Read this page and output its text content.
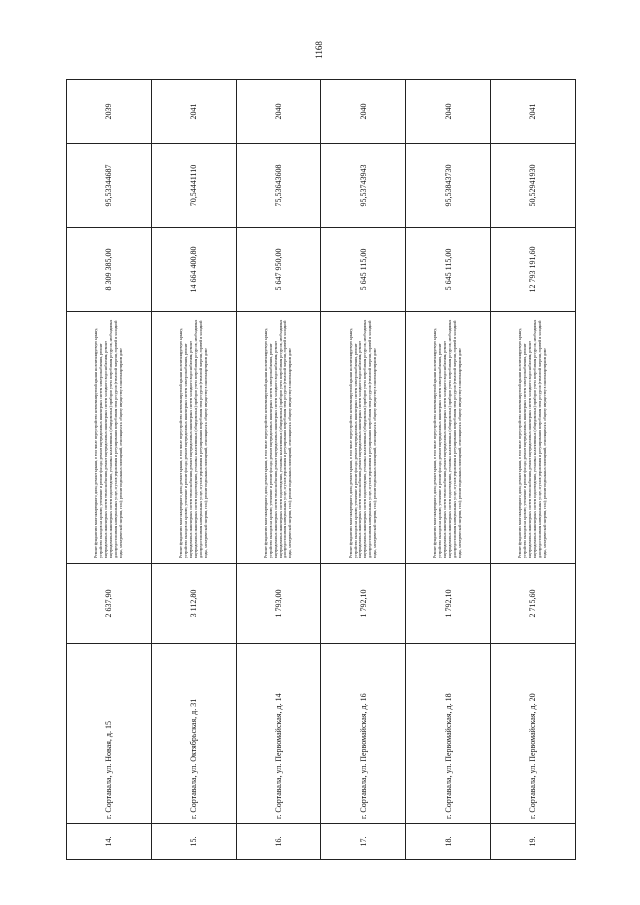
1168
14.	г. Сортавала, ул. Новая, д. 15	2 637,90	Ремонт фундамента многоквартирного дома; ремонт крыши, в том числе переустройство невентилируемой крыши на вентилируемую крышу, устройство выходов на кровлю; утепление и ремонт фасада; ремонт внутридомовых инженерных систем электроснабжения, ремонт внутридомовых инженерных систем теплоснабжения, ремонт внутридомовых инженерных систем холодного водоснабжения, ремонт внутридомовых инженерных систем водоотведения, установка коллективных (общедомовых) приборов учета потребления ресурсов, необходимых для предоставления коммунальных услуг, и узлов управления и регулирования потребления этих ресурсов (тепловой энергии, горячей и холодной воды, электрической энергии, газа); ремонт подвальных помещений, относящихся к общему имуществу в многоквартирном доме	8 309 385,00	95,53344687	2039
15.	г. Сортавала, ул. Октябрьская, д. 31	3 112,80	Ремонт фундамента многоквартирного дома; ремонт крыши, в том числе переустройство невентилируемой крыши на вентилируемую крышу, устройство выходов на кровлю; утепление и ремонт фасада; ремонт внутридомовых инженерных систем электроснабжения, ремонт внутридомовых инженерных систем теплоснабжения, ремонт внутридомовых инженерных систем холодного водоснабжения, ремонт внутридомовых инженерных систем водоотведения, установка коллективных (общедомовых) приборов учета потребления ресурсов, необходимых для предоставления коммунальных услуг, и узлов управления и регулирования потребления этих ресурсов (тепловой энергии, горячей и холодной воды, электрической энергии, газа); ремонт подвальных помещений, относящихся к общему имуществу в многоквартирном доме	14 664 400,80	70,54441110	2041
16.	г. Сортавала, ул. Первомайская, д. 14	1 793,00	Ремонт фундамента многоквартирного дома; ремонт крыши, в том числе переустройство невентилируемой крыши на вентилируемую крышу, устройство выходов на кровлю; утепление и ремонт фасада; ремонт внутридомовых инженерных систем электроснабжения, ремонт внутридомовых инженерных систем теплоснабжения, ремонт внутридомовых инженерных систем холодного водоснабжения, ремонт внутридомовых инженерных систем водоотведения, установка коллективных (общедомовых) приборов учета потребления ресурсов, необходимых для предоставления коммунальных услуг, и узлов управления и регулирования потребления этих ресурсов (тепловой энергии, горячей и холодной воды, электрической энергии, газа); ремонт подвальных помещений, относящихся к общему имуществу в многоквартирном доме	5 647 950,00	75,53643608	2040
17.	г. Сортавала, ул. Первомайская, д. 16	1 792,10	Ремонт фундамента многоквартирного дома; ремонт крыши, в том числе переустройство невентилируемой крыши на вентилируемую крышу, устройство выходов на кровлю; утепление и ремонт фасада; ремонт внутридомовых инженерных систем электроснабжения, ремонт внутридомовых инженерных систем теплоснабжения, ремонт внутридомовых инженерных систем холодного водоснабжения, ремонт внутридомовых инженерных систем водоотведения, установка коллективных (общедомовых) приборов учета потребления ресурсов, необходимых для предоставления коммунальных услуг, и узлов управления и регулирования потребления этих ресурсов (тепловой энергии, горячей и холодной воды, электрической энергии, газа); ремонт подвальных помещений, относящихся к общему имуществу в многоквартирном доме	5 645 115,00	95,53743943	2040
18.	г. Сортавала, ул. Первомайская, д. 18	1 792,10	Ремонт фундамента многоквартирного дома; ремонт крыши, в том числе переустройство невентилируемой крыши на вентилируемую крышу, устройство выходов на кровлю; утепление и ремонт фасада; ремонт внутридомовых инженерных систем электроснабжения, ремонт внутридомовых инженерных систем теплоснабжения, ремонт внутридомовых инженерных систем холодного водоснабжения, ремонт внутридомовых инженерных систем водоотведения, установка коллективных (общедомовых) приборов учета потребления ресурсов, необходимых для предоставления коммунальных услуг, и узлов управления и регулирования потребления этих ресурсов (тепловой энергии, горячей и холодной воды, электрической энергии, газа); ремонт подвальных помещений, относящихся к общему имуществу в многоквартирном доме	5 645 115,00	95,53843730	2040
19.	г. Сортавала, ул. Первомайская, д. 20	2 715,60	Ремонт фундамента многоквартирного дома; ремонт крыши, в том числе переустройство невентилируемой крыши на вентилируемую крышу, устройство выходов на кровлю; утепление и ремонт фасада; ремонт внутридомовых инженерных систем электроснабжения, ремонт внутридомовых инженерных систем теплоснабжения, ремонт внутридомовых инженерных систем холодного водоснабжения, ремонт внутридомовых инженерных систем водоотведения, установка коллективных (общедомовых) приборов учета потребления ресурсов, необходимых для предоставления коммунальных услуг, и узлов управления и регулирования потребления этих ресурсов (тепловой энергии, горячей и холодной воды, электрической энергии, газа); ремонт подвальных помещений, относящихся к общему имуществу в многоквартирном доме	12 793 191,60	50,52941930	2041
